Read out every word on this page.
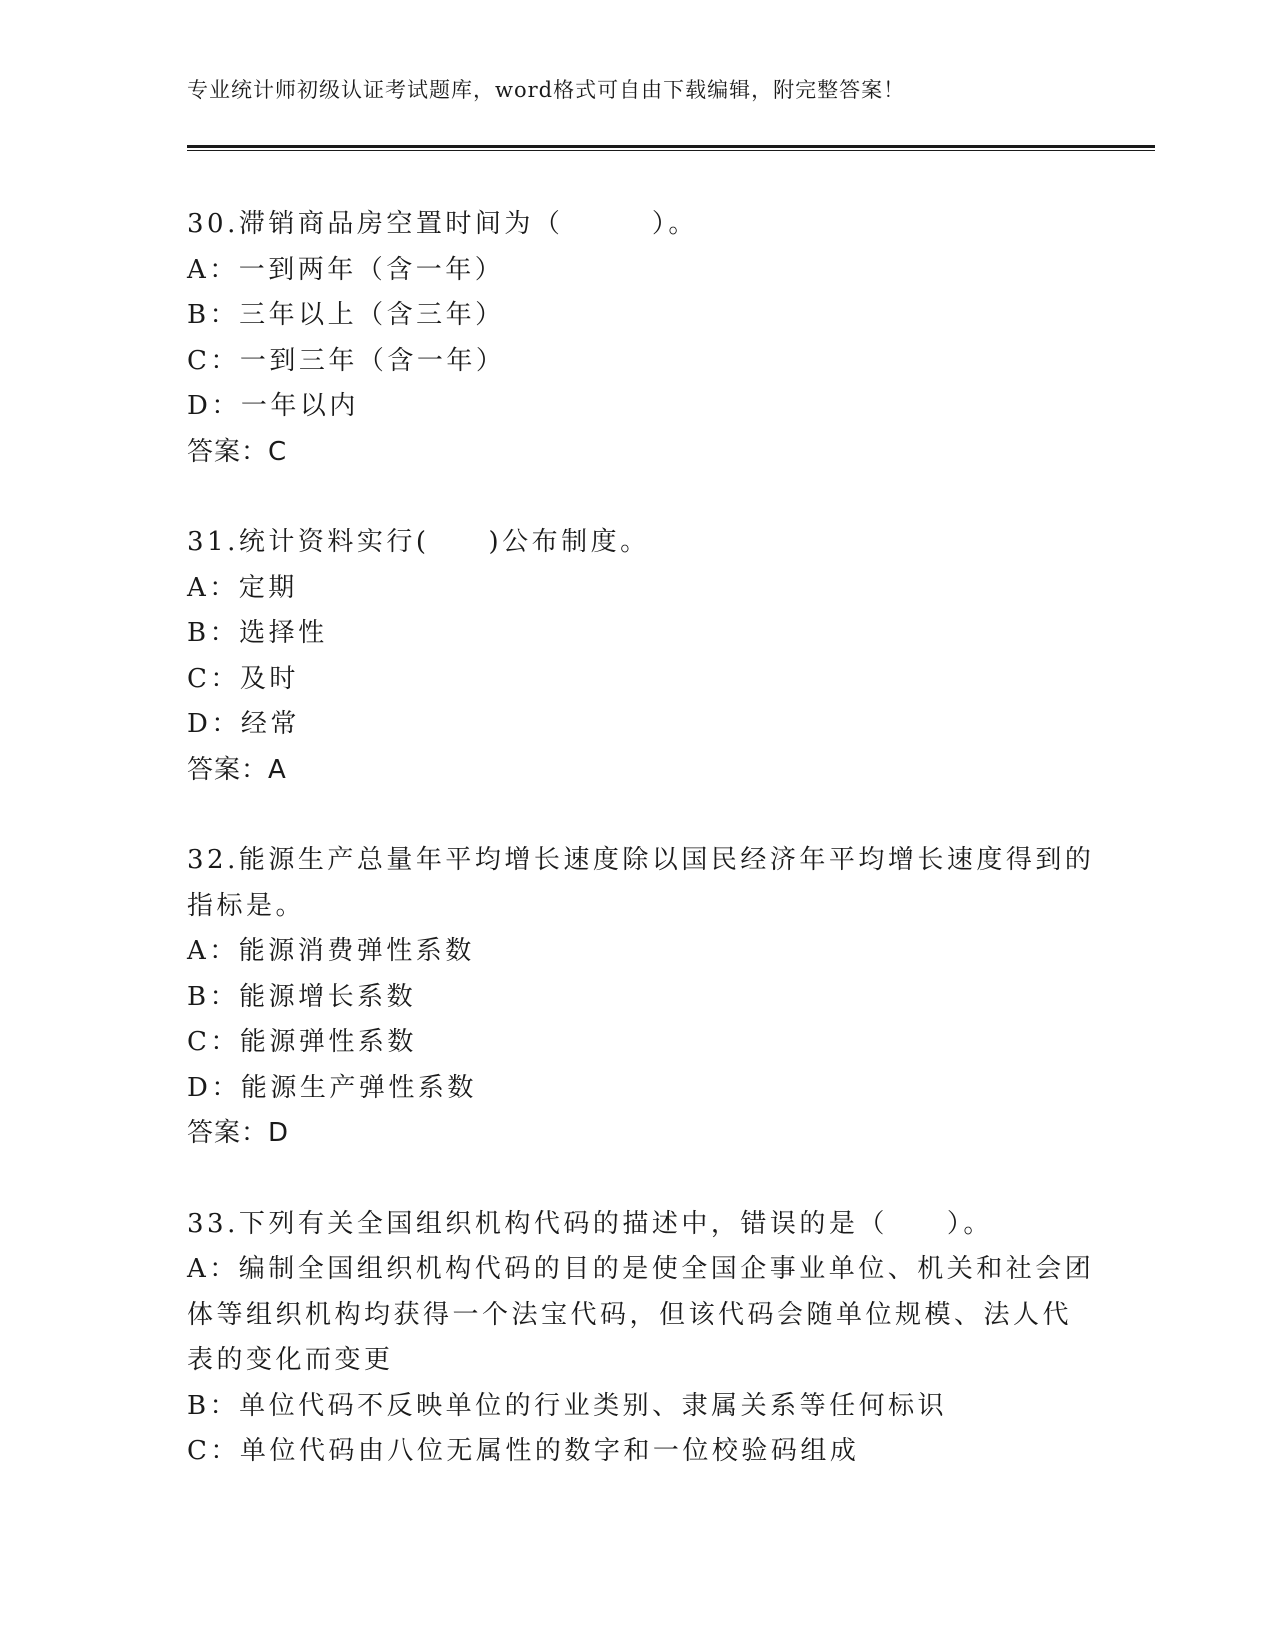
专业统计师初级认证考试题库，word格式可自由下载编辑，附完整答案！
30.滞销商品房空置时间为（　　　）。
A：一到两年（含一年）
B：三年以上（含三年）
C：一到三年（含一年）
D：一年以内
答案：C
31.统计资料实行(　　)公布制度。
A：定期
B：选择性
C：及时
D：经常
答案：A
32.能源生产总量年平均增长速度除以国民经济年平均增长速度得到的
指标是。
A：能源消费弹性系数
B：能源增长系数
C：能源弹性系数
D：能源生产弹性系数
答案：D
33.下列有关全国组织机构代码的描述中，错误的是（　　）。
A：编制全国组织机构代码的目的是使全国企事业单位、机关和社会团
体等组织机构均获得一个法宝代码，但该代码会随单位规模、法人代
表的变化而变更
B：单位代码不反映单位的行业类别、隶属关系等任何标识
C：单位代码由八位无属性的数字和一位校验码组成
